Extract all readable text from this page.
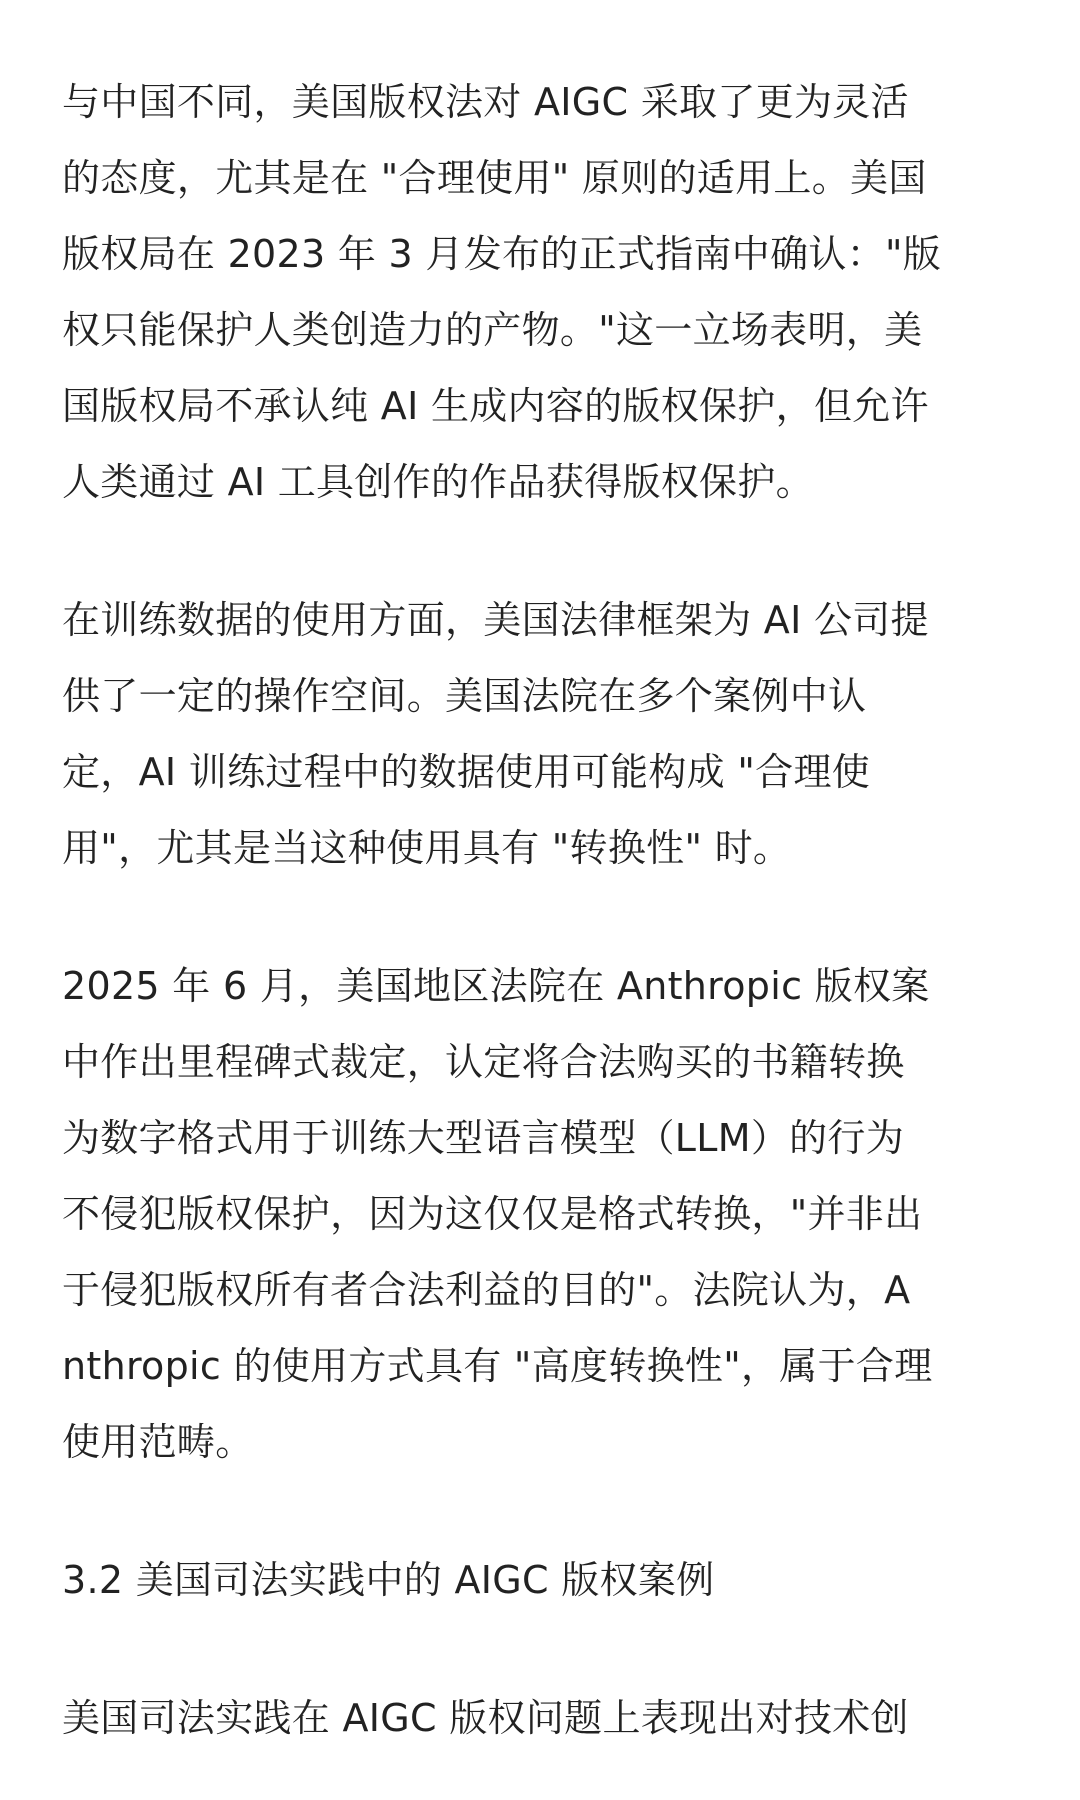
与中国不同，美国版权法对 AIGC 采取了更为灵活
的态度，尤其是在 "合理使用" 原则的适用上。美国
版权局在 2023 年 3 月发布的正式指南中确认："版
权只能保护人类创造力的产物。"这一立场表明，美
国版权局不承认纯 AI 生成内容的版权保护，但允许
人类通过 AI 工具创作的作品获得版权保护。
在训练数据的使用方面，美国法律框架为 AI 公司提
供了一定的操作空间。美国法院在多个案例中认
定，AI 训练过程中的数据使用可能构成 "合理使
用"，尤其是当这种使用具有 "转换性" 时。
2025 年 6 月，美国地区法院在 Anthropic 版权案
中作出里程碑式裁定，认定将合法购买的书籍转换
为数字格式用于训练大型语言模型（LLM）的行为
不侵犯版权保护，因为这仅仅是格式转换，"并非出
于侵犯版权所有者合法利益的目的"。法院认为，A
nthropic 的使用方式具有 "高度转换性"，属于合理
使用范畴。
3.2 美国司法实践中的 AIGC 版权案例
美国司法实践在 AIGC 版权问题上表现出对技术创
